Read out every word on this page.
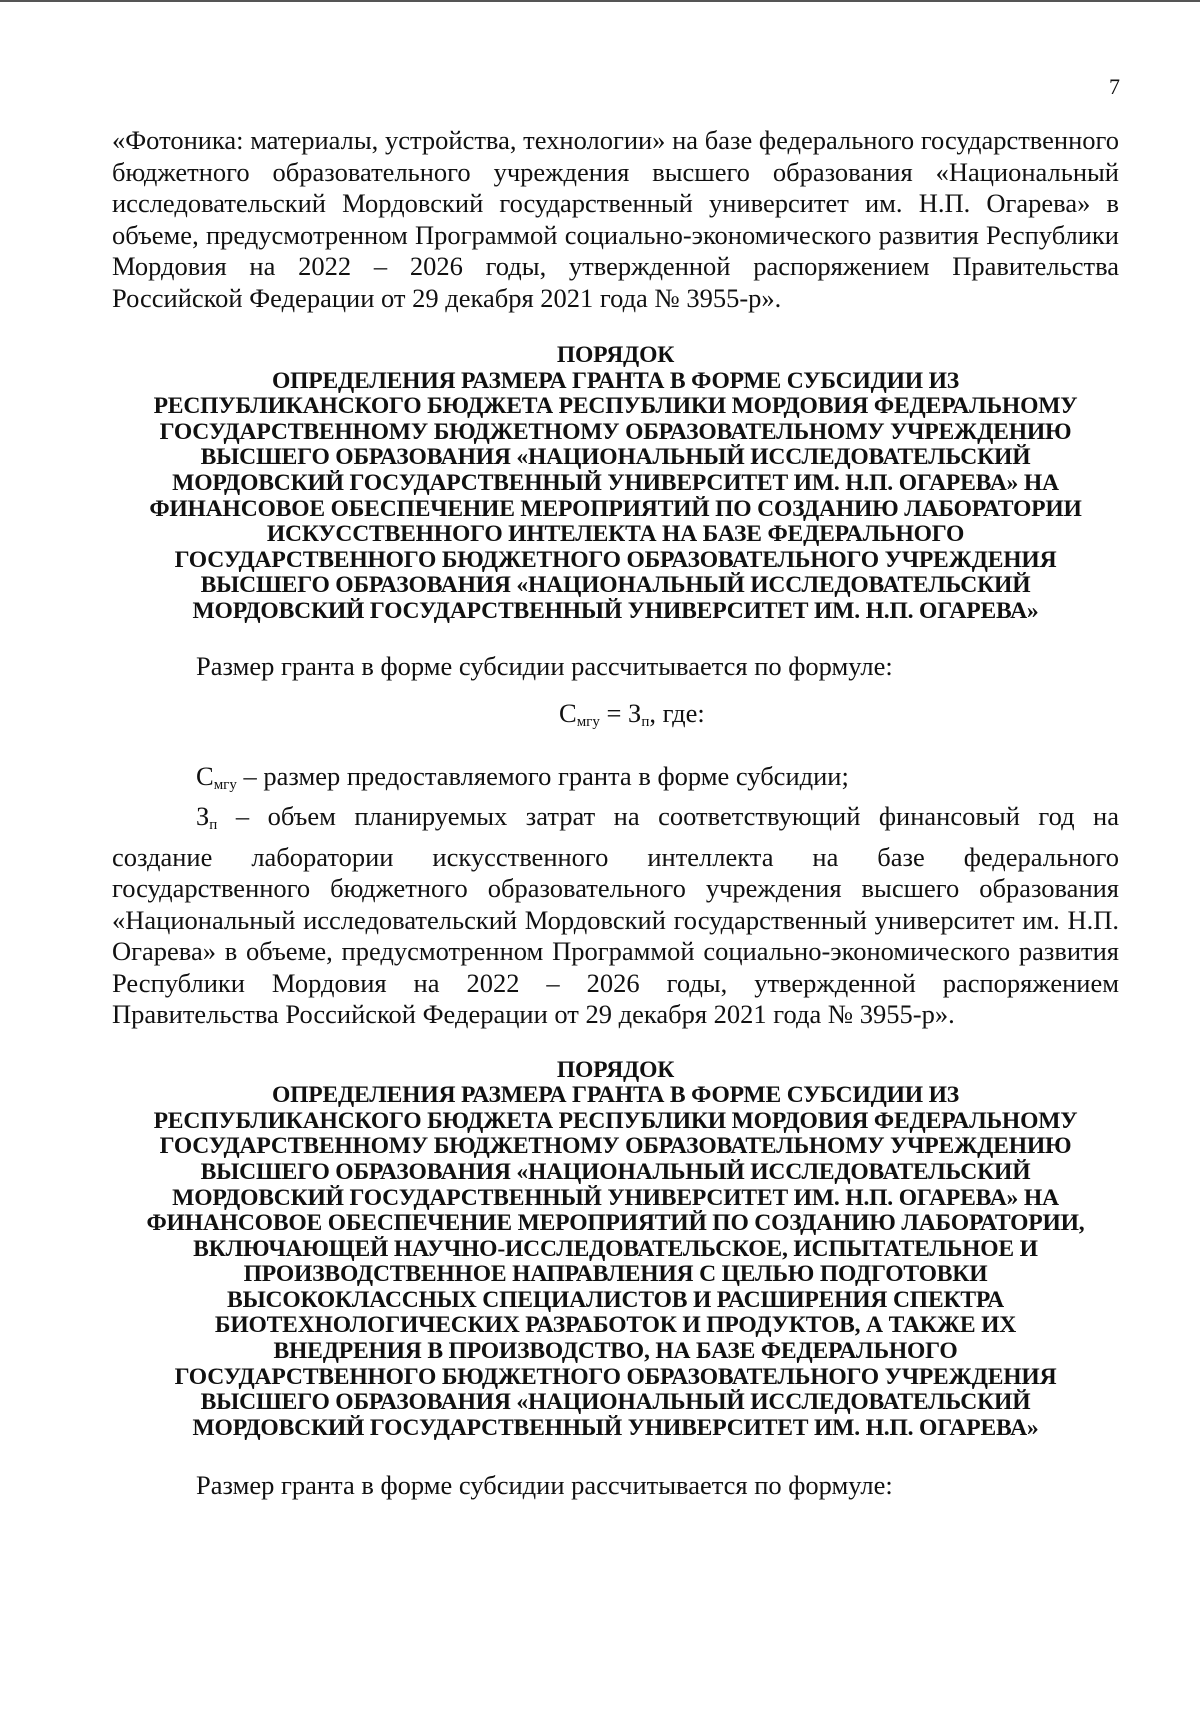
7

«Фотоника: материалы, устройства, технологии» на базе федерального государственного бюджетного образовательного учреждения высшего образования «Национальный исследовательский Мордовский государственный университет им. Н.П. Огарева» в объеме, предусмотренном Программой социально-экономического развития Республики Мордовия на 2022 – 2026 годы, утвержденной распоряжением Правительства Российской Федерации от 29 декабря 2021 года № 3955-р».

ПОРЯДОК
ОПРЕДЕЛЕНИЯ РАЗМЕРА ГРАНТА В ФОРМЕ СУБСИДИИ ИЗ
РЕСПУБЛИКАНСКОГО БЮДЖЕТА РЕСПУБЛИКИ МОРДОВИЯ ФЕДЕРАЛЬНОМУ
ГОСУДАРСТВЕННОМУ БЮДЖЕТНОМУ ОБРАЗОВАТЕЛЬНОМУ УЧРЕЖДЕНИЮ
ВЫСШЕГО ОБРАЗОВАНИЯ «НАЦИОНАЛЬНЫЙ ИССЛЕДОВАТЕЛЬСКИЙ
МОРДОВСКИЙ ГОСУДАРСТВЕННЫЙ УНИВЕРСИТЕТ ИМ. Н.П. ОГАРЕВА» НА
ФИНАНСОВОЕ ОБЕСПЕЧЕНИЕ МЕРОПРИЯТИЙ ПО СОЗДАНИЮ ЛАБОРАТОРИИ
ИСКУССТВЕННОГО ИНТЕЛЕКТА НА БАЗЕ ФЕДЕРАЛЬНОГО
ГОСУДАРСТВЕННОГО БЮДЖЕТНОГО ОБРАЗОВАТЕЛЬНОГО УЧРЕЖДЕНИЯ
ВЫСШЕГО ОБРАЗОВАНИЯ «НАЦИОНАЛЬНЫЙ ИССЛЕДОВАТЕЛЬСКИЙ
МОРДОВСКИЙ ГОСУДАРСТВЕННЫЙ УНИВЕРСИТЕТ ИМ. Н.П. ОГАРЕВА»

Размер гранта в форме субсидии рассчитывается по формуле:

$С_{мгу} = З_п$, где:

$С_{мгу}$ – размер предоставляемого гранта в форме субсидии;

$З_п$ – объем планируемых затрат на соответствующий финансовый год на создание лаборатории искусственного интеллекта на базе федерального государственного бюджетного образовательного учреждения высшего образования «Национальный исследовательский Мордовский государственный университет им. Н.П. Огарева» в объеме, предусмотренном Программой социально-экономического развития Республики Мордовия на 2022 – 2026 годы, утвержденной распоряжением Правительства Российской Федерации от 29 декабря 2021 года № 3955-р».

ПОРЯДОК
ОПРЕДЕЛЕНИЯ РАЗМЕРА ГРАНТА В ФОРМЕ СУБСИДИИ ИЗ
РЕСПУБЛИКАНСКОГО БЮДЖЕТА РЕСПУБЛИКИ МОРДОВИЯ ФЕДЕРАЛЬНОМУ
ГОСУДАРСТВЕННОМУ БЮДЖЕТНОМУ ОБРАЗОВАТЕЛЬНОМУ УЧРЕЖДЕНИЮ
ВЫСШЕГО ОБРАЗОВАНИЯ «НАЦИОНАЛЬНЫЙ ИССЛЕДОВАТЕЛЬСКИЙ
МОРДОВСКИЙ ГОСУДАРСТВЕННЫЙ УНИВЕРСИТЕТ ИМ. Н.П. ОГАРЕВА» НА
ФИНАНСОВОЕ ОБЕСПЕЧЕНИЕ МЕРОПРИЯТИЙ ПО СОЗДАНИЮ ЛАБОРАТОРИИ,
ВКЛЮЧАЮЩЕЙ НАУЧНО-ИССЛЕДОВАТЕЛЬСКОЕ, ИСПЫТАТЕЛЬНОЕ И
ПРОИЗВОДСТВЕННОЕ НАПРАВЛЕНИЯ С ЦЕЛЬЮ ПОДГОТОВКИ
ВЫСОКОКЛАССНЫХ СПЕЦИАЛИСТОВ И РАСШИРЕНИЯ СПЕКТРА
БИОТЕХНОЛОГИЧЕСКИХ РАЗРАБОТОК И ПРОДУКТОВ, А ТАКЖЕ ИХ
ВНЕДРЕНИЯ В ПРОИЗВОДСТВО, НА БАЗЕ ФЕДЕРАЛЬНОГО
ГОСУДАРСТВЕННОГО БЮДЖЕТНОГО ОБРАЗОВАТЕЛЬНОГО УЧРЕЖДЕНИЯ
ВЫСШЕГО ОБРАЗОВАНИЯ «НАЦИОНАЛЬНЫЙ ИССЛЕДОВАТЕЛЬСКИЙ
МОРДОВСКИЙ ГОСУДАРСТВЕННЫЙ УНИВЕРСИТЕТ ИМ. Н.П. ОГАРЕВА»

Размер гранта в форме субсидии рассчитывается по формуле:
